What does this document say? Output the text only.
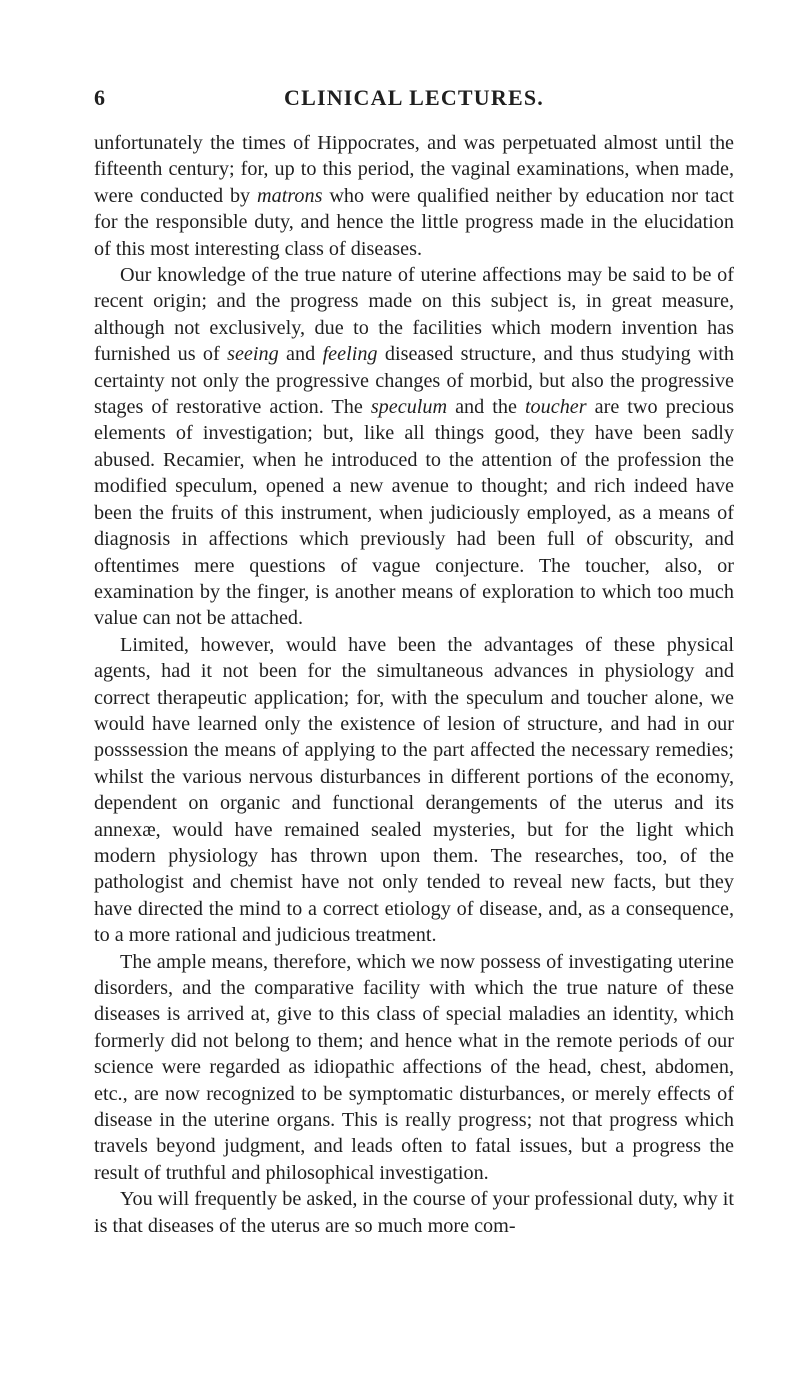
6	CLINICAL LECTURES.

unfortunately the times of Hippocrates, and was perpetuated almost until the fifteenth century; for, up to this period, the vaginal examinations, when made, were conducted by matrons who were qualified neither by education nor tact for the responsible duty, and hence the little progress made in the elucidation of this most interesting class of diseases.

Our knowledge of the true nature of uterine affections may be said to be of recent origin; and the progress made on this subject is, in great measure, although not exclusively, due to the facilities which modern invention has furnished us of seeing and feeling diseased structure, and thus studying with certainty not only the progressive changes of morbid, but also the progressive stages of restorative action. The speculum and the toucher are two precious elements of investigation; but, like all things good, they have been sadly abused. Recamier, when he introduced to the attention of the profession the modified speculum, opened a new avenue to thought; and rich indeed have been the fruits of this instrument, when judiciously employed, as a means of diagnosis in affections which previously had been full of obscurity, and oftentimes mere questions of vague conjecture. The toucher, also, or examination by the finger, is another means of exploration to which too much value can not be attached.

Limited, however, would have been the advantages of these physical agents, had it not been for the simultaneous advances in physiology and correct therapeutic application; for, with the speculum and toucher alone, we would have learned only the existence of lesion of structure, and had in our posssession the means of applying to the part affected the necessary remedies; whilst the various nervous disturbances in different portions of the economy, dependent on organic and functional derangements of the uterus and its annexæ, would have remained sealed mysteries, but for the light which modern physiology has thrown upon them. The researches, too, of the pathologist and chemist have not only tended to reveal new facts, but they have directed the mind to a correct etiology of disease, and, as a consequence, to a more rational and judicious treatment.

The ample means, therefore, which we now possess of investigating uterine disorders, and the comparative facility with which the true nature of these diseases is arrived at, give to this class of special maladies an identity, which formerly did not belong to them; and hence what in the remote periods of our science were regarded as idiopathic affections of the head, chest, abdomen, etc., are now recognized to be symptomatic disturbances, or merely effects of disease in the uterine organs. This is really progress; not that progress which travels beyond judgment, and leads often to fatal issues, but a progress the result of truthful and philosophical investigation.

You will frequently be asked, in the course of your professional duty, why it is that diseases of the uterus are so much more com-
